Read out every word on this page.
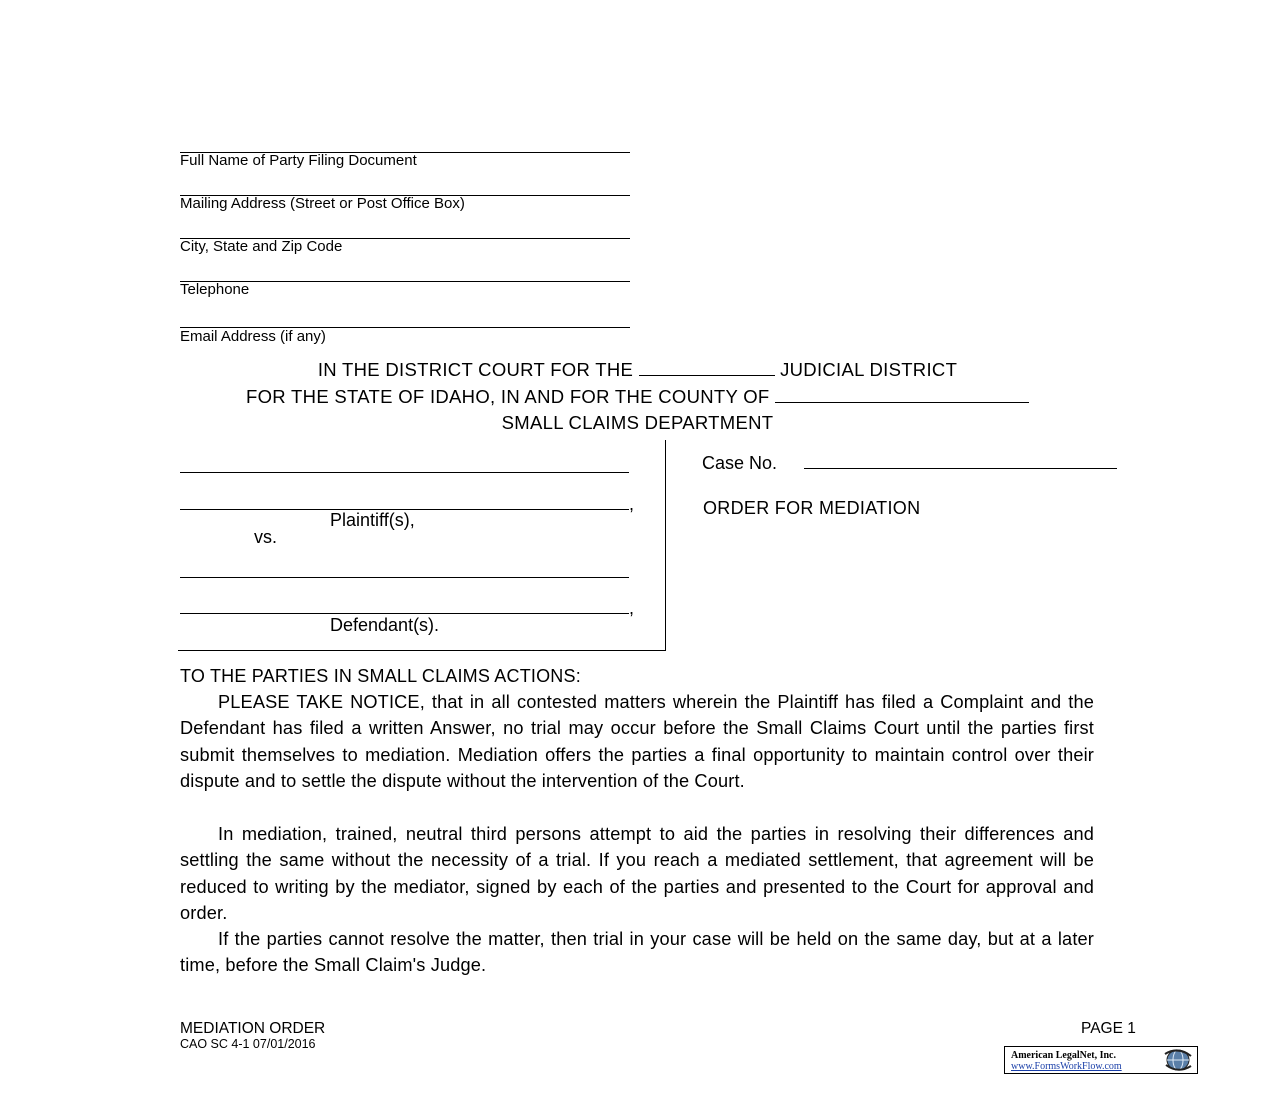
Full Name of Party Filing Document
Mailing Address (Street or Post Office Box)
City, State and Zip Code
Telephone
Email Address (if any)
IN THE DISTRICT COURT FOR THE	JUDICIAL DISTRICT
FOR THE STATE OF IDAHO, IN AND FOR THE COUNTY OF
SMALL CLAIMS DEPARTMENT
,
Plaintiff(s),
vs.
,
Defendant(s).
Case No.
ORDER FOR MEDIATION
TO THE PARTIES IN SMALL CLAIMS ACTIONS:
PLEASE TAKE NOTICE, that in all contested matters wherein the Plaintiff has filed a Complaint and the Defendant has filed a written Answer, no trial may occur before the Small Claims Court until the parties first submit themselves to mediation. Mediation offers the parties a final opportunity to maintain control over their dispute and to settle the dispute without the intervention of the Court.
In mediation, trained, neutral third persons attempt to aid the parties in resolving their differences and settling the same without the necessity of a trial. If you reach a mediated settlement, that agreement will be reduced to writing by the mediator, signed by each of the parties and presented to the Court for approval and order.
If the parties cannot resolve the matter, then trial in your case will be held on the same day, but at a later time, before the Small Claim's Judge.
MEDIATION ORDER
CAO SC 4-1 07/01/2016
PAGE 1
American LegalNet, Inc.
www.FormsWorkFlow.com
